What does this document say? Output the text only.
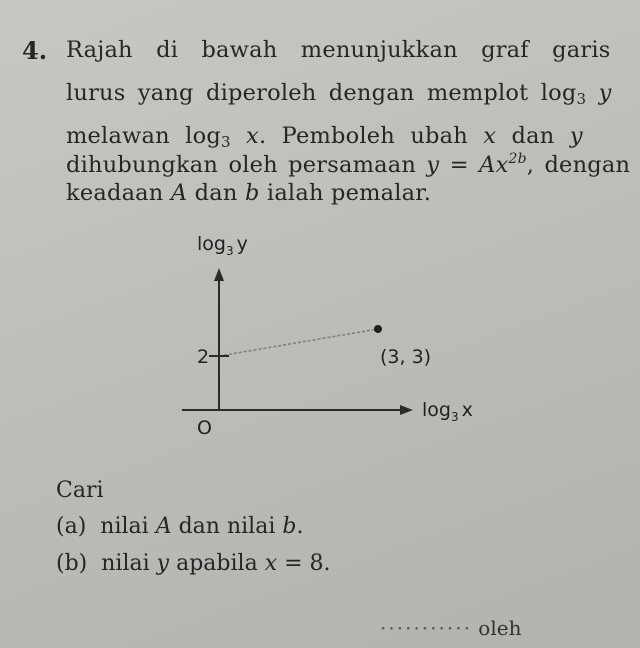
4. Rajah di bawah menunjukkan graf garis
lurus yang diperoleh dengan memplot $\log_3 y$
melawan $\log_3 x$. Pemboleh ubah x dan y
dihubungkan oleh persamaan $y = Ax^{2b}$, dengan
keadaan A dan b ialah pemalar.
$\log_3 y$
$\log_3 x$
O
2	(3, 3)
Cari
(a) nilai A dan nilai b.
(b) nilai y apabila x = 8.
··········· oleh
